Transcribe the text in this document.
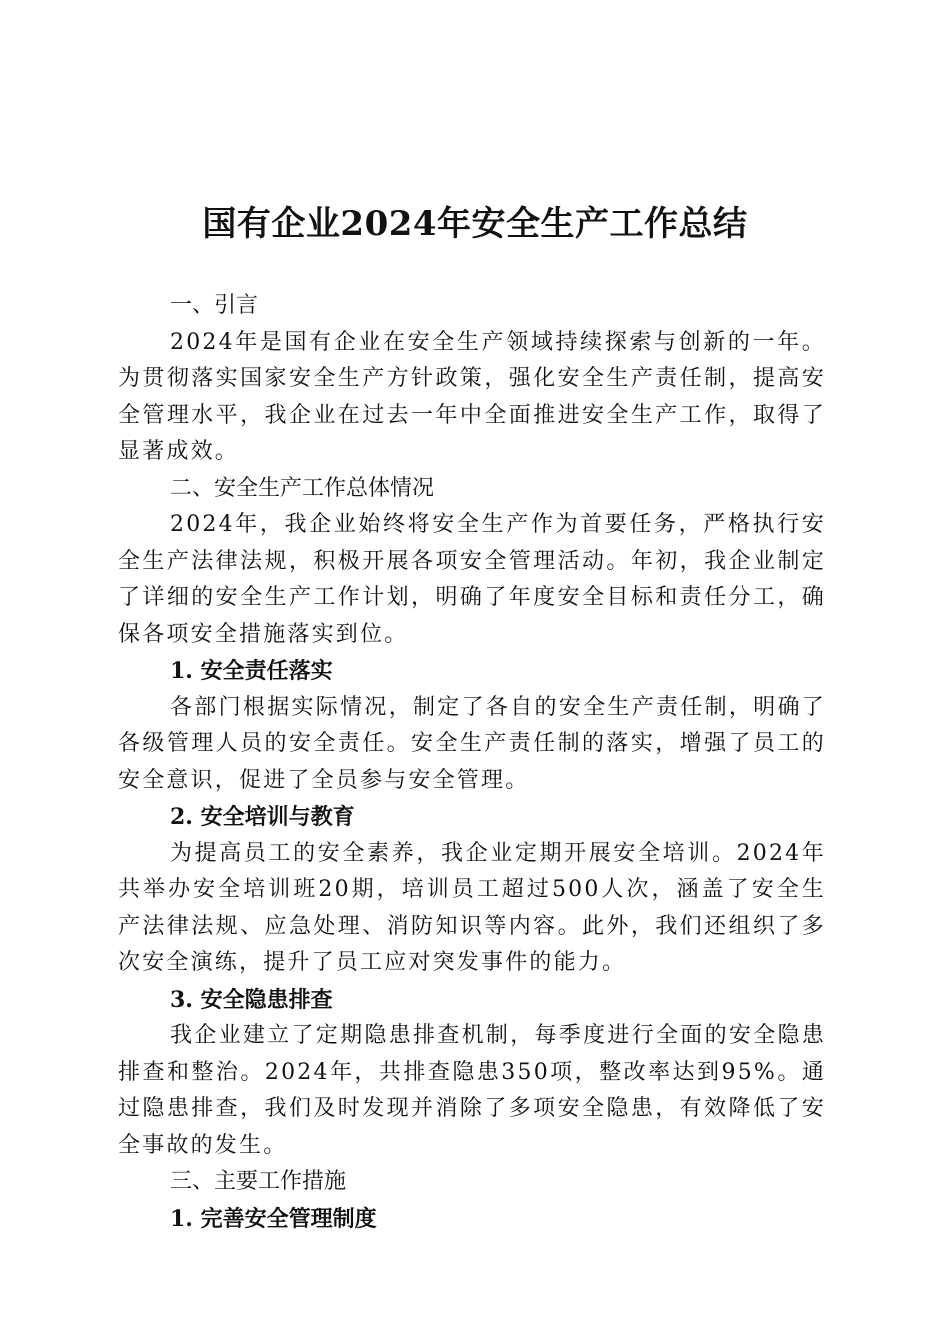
国有企业2024年安全生产工作总结

一、引言

2024年是国有企业在安全生产领域持续探索与创新的一年。为贯彻落实国家安全生产方针政策，强化安全生产责任制，提高安全管理水平，我企业在过去一年中全面推进安全生产工作，取得了显著成效。

二、安全生产工作总体情况

2024年，我企业始终将安全生产作为首要任务，严格执行安全生产法律法规，积极开展各项安全管理活动。年初，我企业制定了详细的安全生产工作计划，明确了年度安全目标和责任分工，确保各项安全措施落实到位。

1. 安全责任落实

各部门根据实际情况，制定了各自的安全生产责任制，明确了各级管理人员的安全责任。安全生产责任制的落实，增强了员工的安全意识，促进了全员参与安全管理。

2. 安全培训与教育

为提高员工的安全素养，我企业定期开展安全培训。2024年共举办安全培训班20期，培训员工超过500人次，涵盖了安全生产法律法规、应急处理、消防知识等内容。此外，我们还组织了多次安全演练，提升了员工应对突发事件的能力。

3. 安全隐患排查

我企业建立了定期隐患排查机制，每季度进行全面的安全隐患排查和整治。2024年，共排查隐患350项，整改率达到95%。通过隐患排查，我们及时发现并消除了多项安全隐患，有效降低了安全事故的发生。

三、主要工作措施

1. 完善安全管理制度
